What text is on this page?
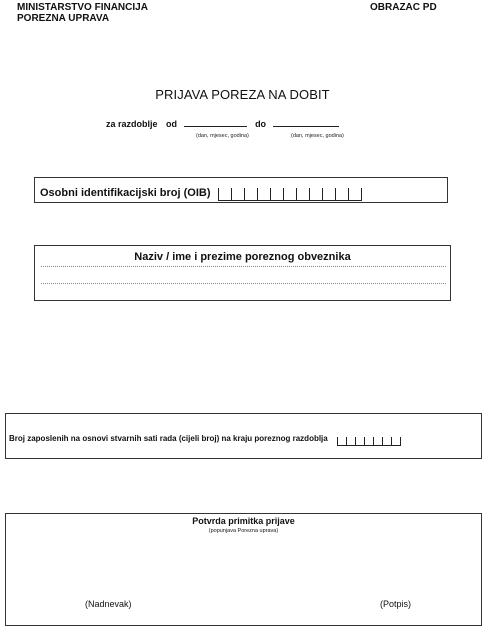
MINISTARSTVO FINANCIJA
POREZNA UPRAVA
OBRAZAC PD
PRIJAVA POREZA NA DOBIT
za razdoblje od	do
(dan, mjesec, godina)	(dan, mjesec, godina)
Osobni identifikacijski broj (OIB)
Naziv / ime i prezime poreznog obveznika
Broj zaposlenih na osnovi stvarnih sati rada (cijeli broj) na kraju poreznog razdoblja
Potvrda primitka prijave
(popunjava Porezna uprava)
(Nadnevak)	(Potpis)
